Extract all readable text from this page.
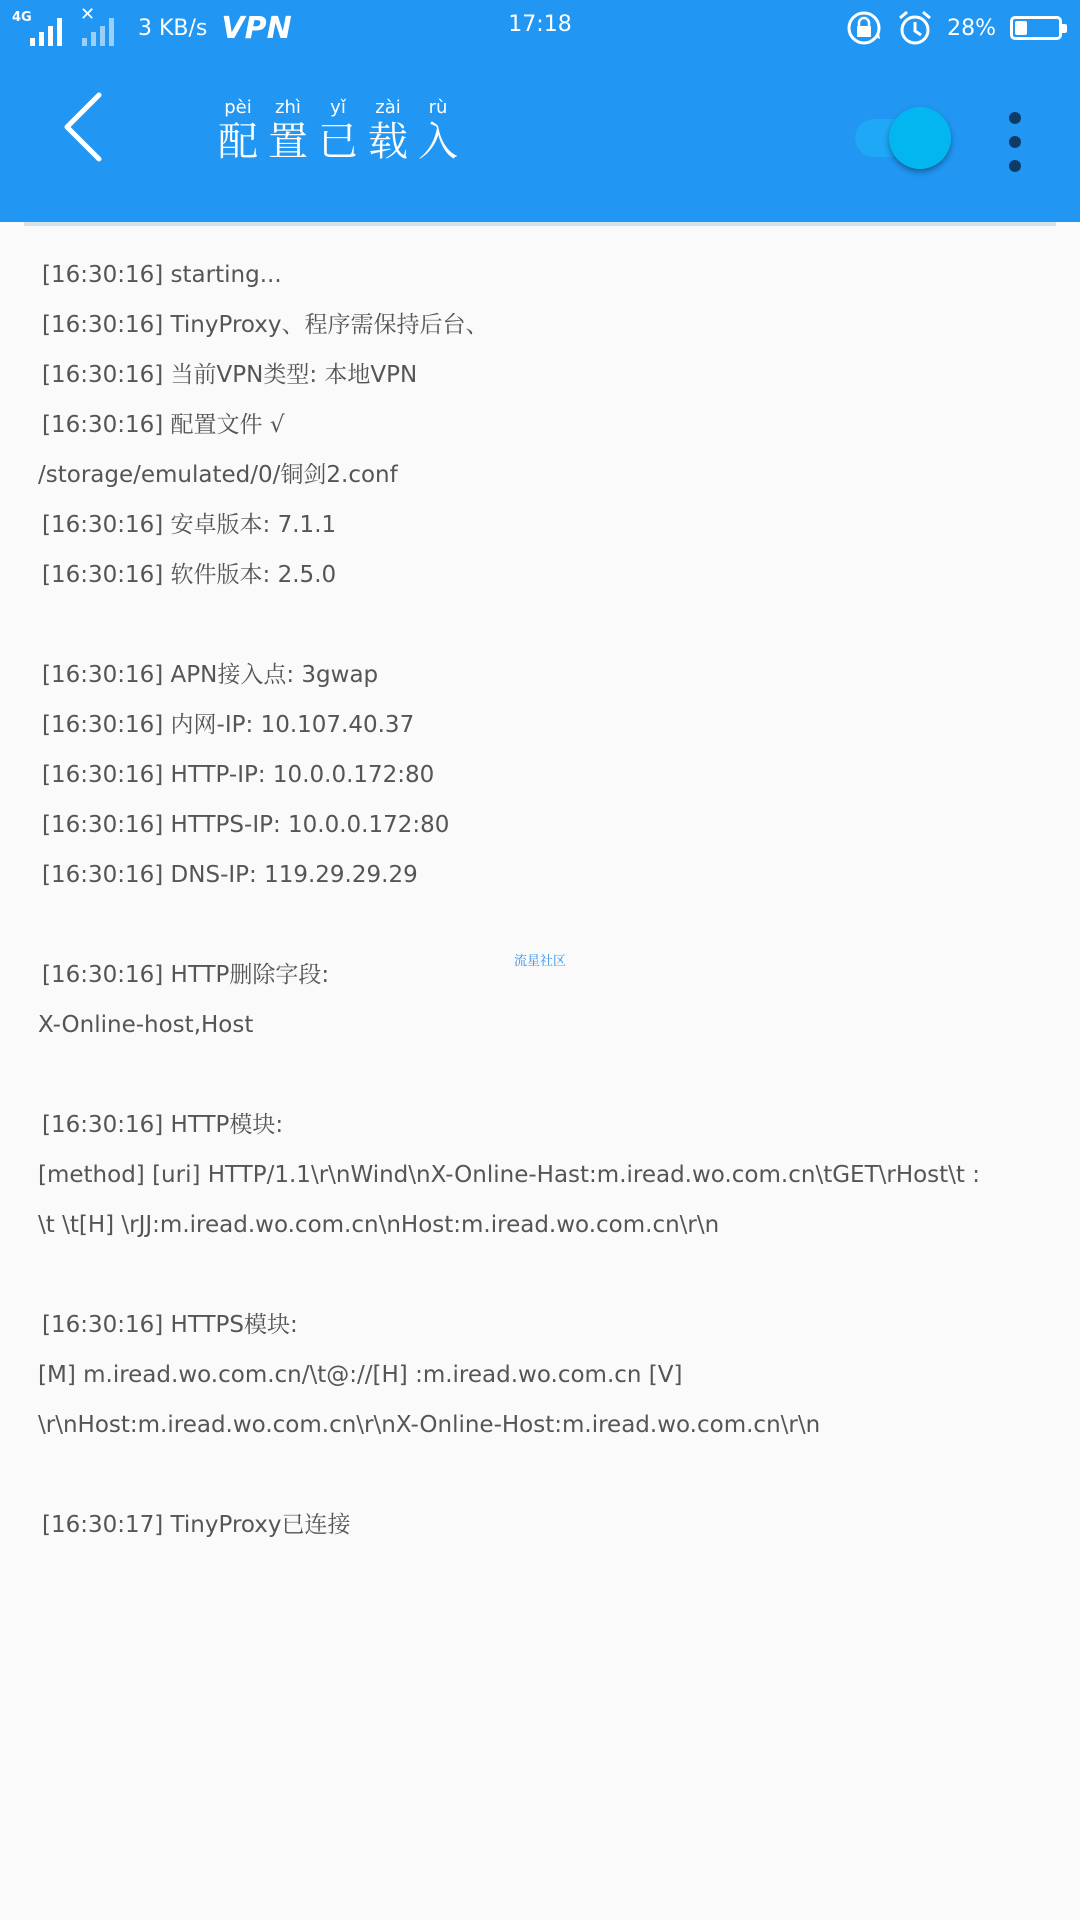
4G	✕
3 KB/s VPN	17:18	28%
pèi
配
zhì
置
yǐ
已
zài
载
rù
入
[16:30:16] starting...
[16:30:16] TinyProxy、程序需保持后台、
[16:30:16] 当前VPN类型: 本地VPN
[16:30:16] 配置文件 √
/storage/emulated/0/铜剑2.conf
[16:30:16] 安卓版本: 7.1.1
[16:30:16] 软件版本: 2.5.0
[16:30:16] APN接入点: 3gwap
[16:30:16] 内网-IP: 10.107.40.37
[16:30:16] HTTP-IP: 10.0.0.172:80
[16:30:16] HTTPS-IP: 10.0.0.172:80
[16:30:16] DNS-IP: 119.29.29.29
[16:30:16] HTTP删除字段:
X-Online-host,Host
[16:30:16] HTTP模块:
[method] [uri] HTTP/1.1\r\nWind\nX-Online-Hast:m.iread.wo.com.cn\tGET\rHost\t :
\t \t[H] \rJJ:m.iread.wo.com.cn\nHost:m.iread.wo.com.cn\r\n
[16:30:16] HTTPS模块:
[M] m.iread.wo.com.cn/\t@://[H] :m.iread.wo.com.cn [V]
\r\nHost:m.iread.wo.com.cn\r\nX-Online-Host:m.iread.wo.com.cn\r\n
[16:30:17] TinyProxy已连接
流星社区
